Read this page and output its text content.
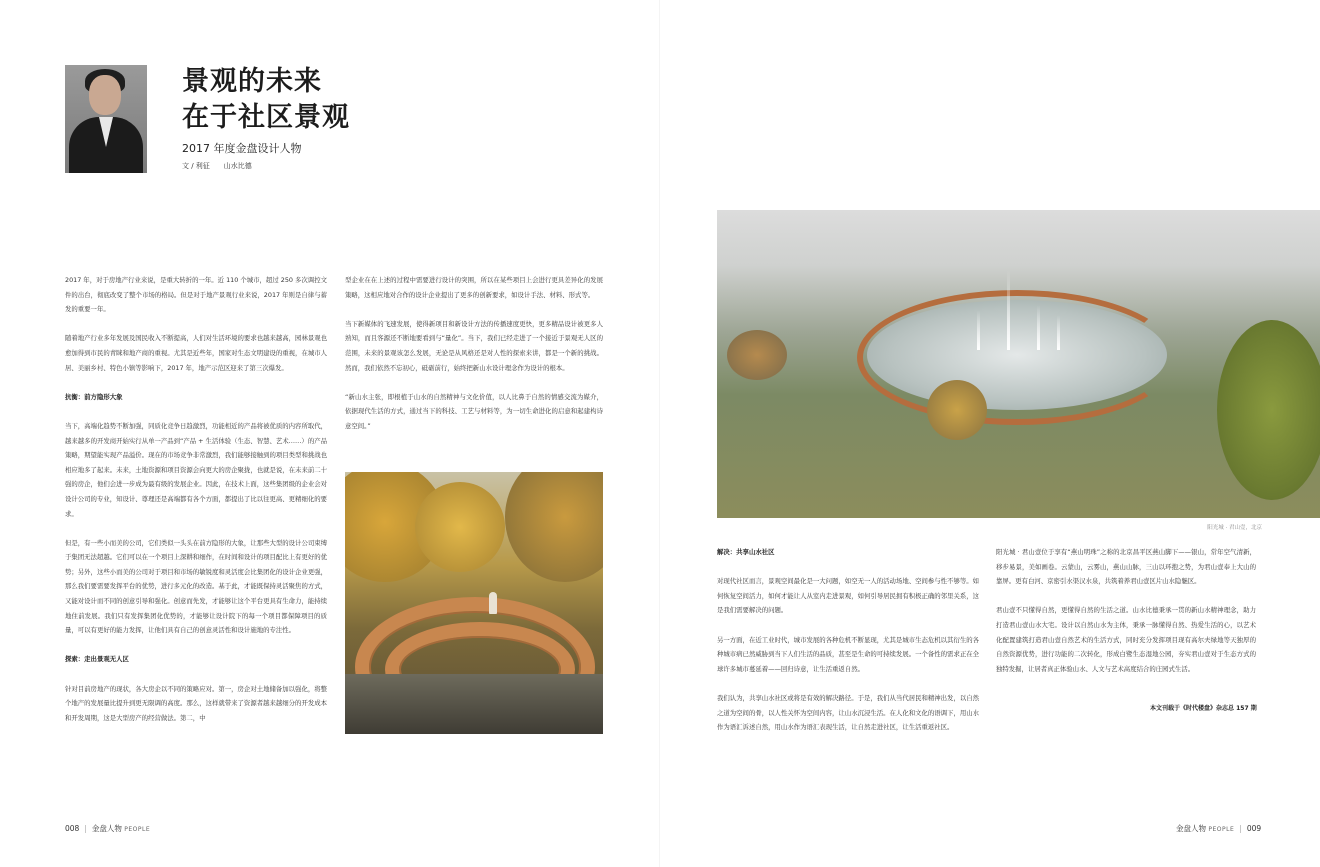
景观的未来
在于社区景观
2017 年度金盘设计人物
文 / 利征　　山水比德

2017 年，对于房地产行业来说，是重大转折的一年。近 110 个城市，超过 250 多次调控文件的出台，彻底改变了整个市场的格局。但是对于地产景观行业来说，2017 年则是自律与蓄发的重要一年。

随着地产行业多年发展及国民收入不断提高，人们对生活环境的要求也越来越高，园林景观也愈加得到市民的青睐和地产商的重视。尤其是近些年，国家对生态文明建设的重视，在城市人居、美丽乡村、特色小镇等影响下，2017 年，地产示范区迎来了第三次爆发。

抗衡：前方隐形大象

当下，高端化趋势不断加强，同质化竞争日趋激烈，功能相近的产品将被优质的内容所取代，越来越多的开发商开始实行从单一产品到“产品 + 生活体验（生态、智慧、艺术……）的产品策略，期望能实现产品溢价。现在的市场竞争非常激烈，我们能够接触到的项目类型和挑战也相应地多了起来。未来，土地资源和项目资源会向更大的房企聚拢，也就是说，在未来前二十强的房企，他们会进一步成为最有级的发展企业。因此，在技术上面，这些集团级的企业会对设计公司的专业，知设计、尊理还是高端都有各个方面，都提出了比以往更高、更精细化的要求。

但是，有一些小而美的公司，它们类似一头头在前方隐形的大象，让那些大型的设计公司束缚于集团无法超越。它们可以在一个项目上深耕和细作，在时间和设计的项目配比上有更好的优势；另外，这些小而美的公司对于项目和市场的敏锐度和灵活度会比集团化的设计企业更强，那么我们要需要发挥平台的优势，进行多元化的改造。基于此，才能既保持灵活聚焦的方式，又能对设计而不同的创意引导和强化。创意而先发，才能够让这个平台更具有生命力，能持续地住前发展。我们只有发挥集团化优势的，才能够让设计院下的每一个项目都保障项目的质量，可以有更好的能力发挥，让他们具有自己的创意灵活性和设计施地的专注性。

探索：走出景观无人区

针对目前房地产的现状，各大房企以不同的策略应对。第一，房企对土地储备加以强化，将整个地产的发展量比提升到更无限调的高度。那么，这样就带来了资源者越来越细分的开发成本和开发周期，这是大型房产的经营做法。第二，中

型企业在在上述的过程中需要进行设计的突围，所以在某些项目上会进行更具差异化的发展策略，这相应地对合作的设计企业提出了更多的创新要求，如设计手法、材料、形式等。

当下新媒体的飞速发展，使得新项目和新设计方法的传播速度更快，更多精品设计被更多人熟知，而且客源还不断地要看到与“量化”。当下，我们已经走进了一个接近于景观无人区的范围，未来的景观该怎么发展，无论是从风格还是对人性的探索来讲，都是一个新的挑战。然而，我们依然不忘初心，砥砺前行，始终把新山水设计理念作为设计的根本。

“新山水主张，即根植于山水的自然精神与文化价值，以人比鼻于自然的情感交流为媒介，依据现代生活的方式，通过当下的科技、工艺与材料等，为一切生命进化的启意和起建构诗意空间。”

阳光城 · 君山壹，北京
解决：共享山水社区

对现代社区而言，景观空间最化是一大问题，如空无一人的活动场地、空间参与性不够等。如何恢复空间活力，如何才能让人从室内走进景观，如何引导居民拥有积极正确的邻里关系，这是我们需要解决的问题。

另一方面，在近工业时代，城市发展的各种危机不断显现，尤其是城市生态危机以其衍生的各种城市病已然威胁到当下人们生活的品质，甚至是生命的可持续发展。一个备性的需求正在全球许多城市蔓延着——回归诗意，让生活重返自然。

我们认为，共享山水社区或将是有效的解决路径。于是，我们从当代居民和精神出发，以自然之道为空间的骨，以人性关怀为空间内容，让山水沉浸生活。在人化和文化的语调下，用山水作为语汇诉述自然，用山水作为语汇表现生活，让自然走进社区，让生活重返社区。

阳光城 · 君山壹位于享有“燕山明珠”之称的北京昌平区燕山脚下——银山，常年空气清新，移步易景，美如画卷。云蒙山，云雾山，燕山山脉，三山以环抱之势，为君山壹奉上大山的靠屏。更有白河、京密引水渠汉水泉，共筑着养君山壹区片山水隐魅区。

君山壹不只懂得自然，更懂得自然的生活之道。山水比德秉承一贯的新山水精神理念，助力打造君山壹山水大宅。设计以自然山水为主体，秉承一脉懂得自然、热爱生活的心，以艺术化配置建筑打造君山壹自然艺术的生活方式，同时充分发挥项目现有高尔夫绿地等天独厚的自然资源优势，进行功能的二次转化，形成白鹭生态湿地公园，夯实君山壹对于生态方式的独特发掘，让居者真正体验山水、人文与艺术高度结合的庄园式生活。

本文刊载于《时代楼盘》杂志总 157 期
008 | 金盘人物 PEOPLE	金盘人物 PEOPLE | 009
